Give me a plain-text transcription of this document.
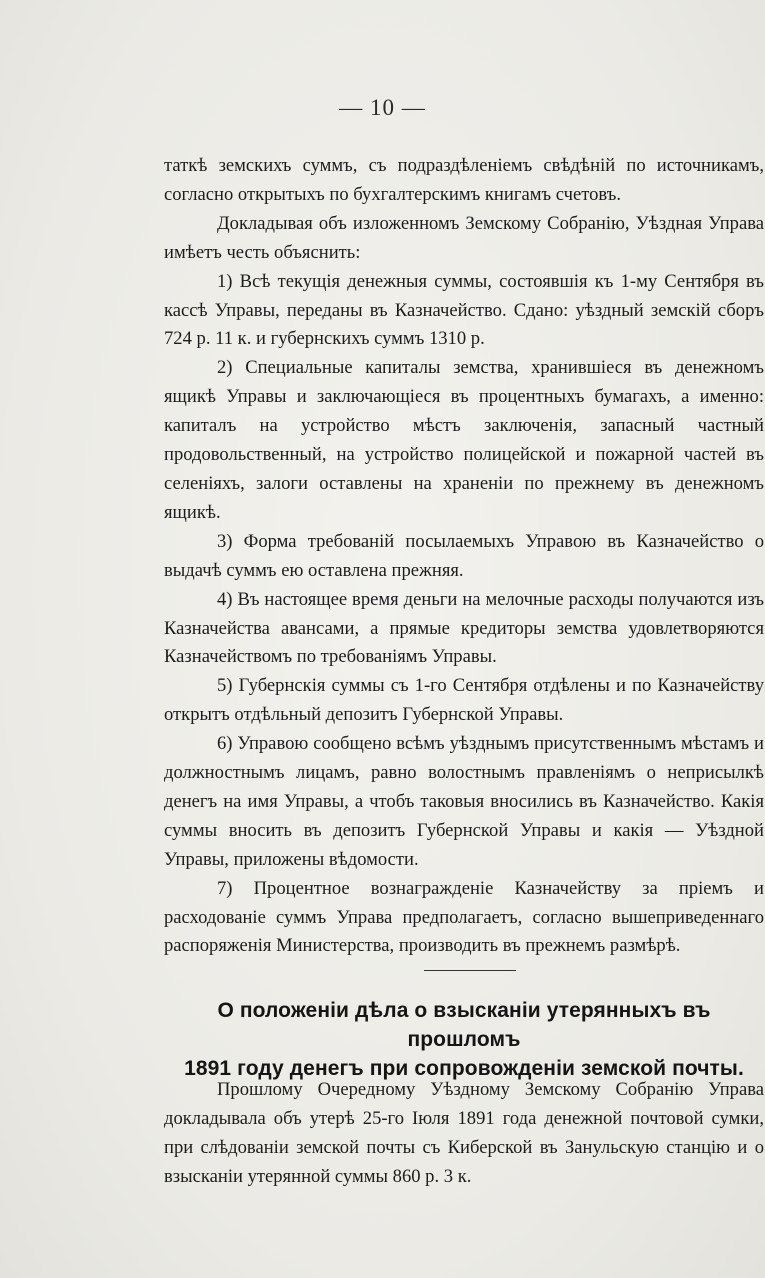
— 10 —

таткѣ земскихъ суммъ, съ подраздѣленiемъ свѣдѣнiй по источникамъ, согласно открытыхъ по бухгалтерскимъ книгамъ счетовъ.

Докладывая объ изложенномъ Земскому Собранiю, Уѣздная Управа имѣетъ честь объяснить:

1) Всѣ текущiя денежныя суммы, состоявшiя къ 1-му Сентября въ кассѣ Управы, переданы въ Казначейство. Сдано: уѣздный земскiй сборъ 724 р. 11 к. и губернскихъ суммъ 1310 р.

2) Специальные капиталы земства, хранившiеся въ денежномъ ящикѣ Управы и заключающiеся въ процентныхъ бумагахъ, а именно: капиталъ на устройство мѣстъ заключенiя, запасный частный продовольственный, на устройство полицейской и пожарной частей въ селенiяхъ, залоги оставлены на храненiи по прежнему въ денежномъ ящикѣ.

3) Форма требованiй посылаемыхъ Управою въ Казначейство о выдачѣ суммъ ею оставлена прежняя.

4) Въ настоящее время деньги на мелочные расходы получаются изъ Казначейства авансами, а прямые кредиторы земства удовлетворяются Казначействомъ по требованiямъ Управы.

5) Губернскiя суммы съ 1-го Сентября отдѣлены и по Казначейству открытъ отдѣльный депозитъ Губернской Управы.

6) Управою сообщено всѣмъ уѣзднымъ присутственнымъ мѣстамъ и должностнымъ лицамъ, равно волостнымъ правленiямъ о неприсылкѣ денегъ на имя Управы, а чтобъ таковыя вносились въ Казначейство. Какiя суммы вносить въ депозитъ Губернской Управы и какiя — Уѣздной Управы, приложены вѣдомости.

7) Процентное вознагражденiе Казначейству за прiемъ и расходованiе суммъ Управа предполагаетъ, согласно вышеприведеннаго распоряженiя Министерства, производить въ прежнемъ размѣрѣ.

О положенiи дѣла о взысканiи утерянныхъ въ прошломъ
1891 году денегъ при сопровожденiи земской почты.

Прошлому Очередному Уѣздному Земскому Собранiю Управа докладывала объ утерѣ 25-го Iюля 1891 года денежной почтовой сумки, при слѣдованiи земской почты съ Киберской въ Занульскую станцiю и о взысканiи утерянной суммы 860 р. 3 к.
